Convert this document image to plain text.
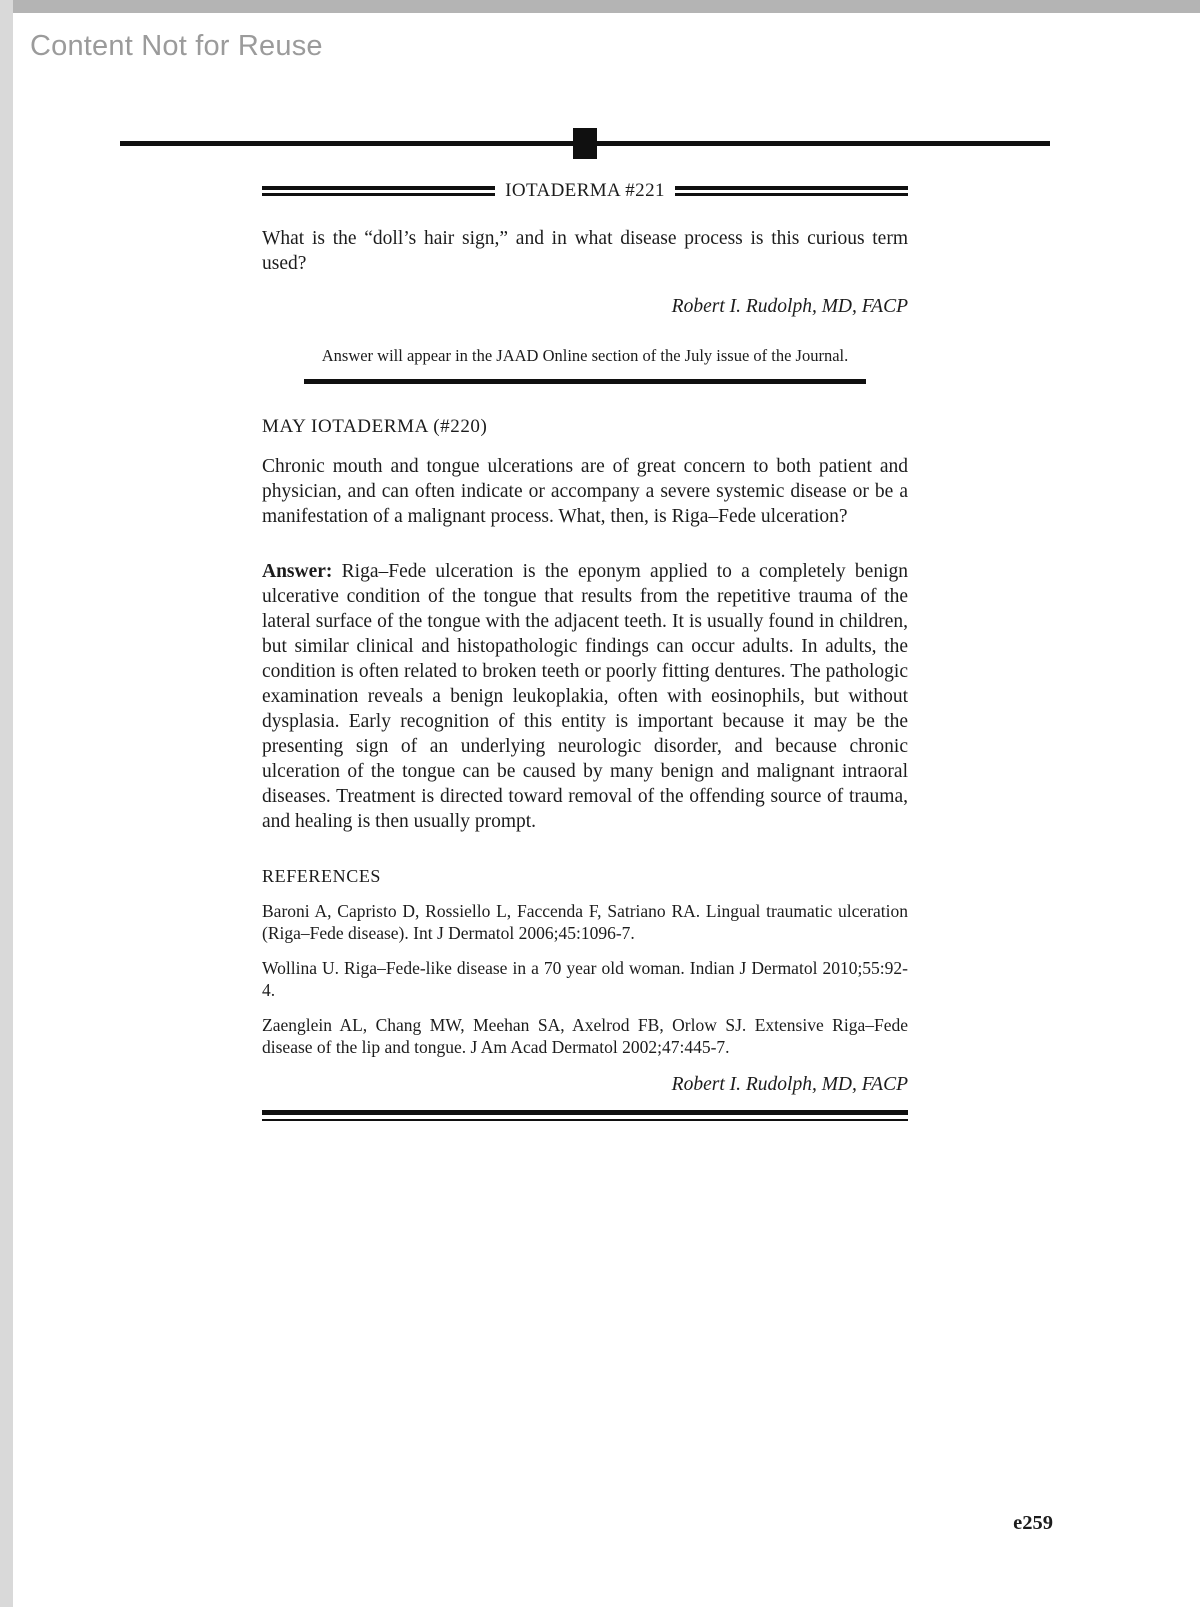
Content Not for Reuse
IOTADERMA #221

What is the “doll’s hair sign,” and in what disease process is this curious term used?

Robert I. Rudolph, MD, FACP
Answer will appear in the JAAD Online section of the July issue of the Journal.
MAY IOTADERMA (#220)

Chronic mouth and tongue ulcerations are of great concern to both patient and physician, and can often indicate or accompany a severe systemic disease or be a manifestation of a malignant process. What, then, is Riga–Fede ulceration?

Answer: Riga–Fede ulceration is the eponym applied to a completely benign ulcerative condition of the tongue that results from the repetitive trauma of the lateral surface of the tongue with the adjacent teeth. It is usually found in children, but similar clinical and histopathologic findings can occur adults. In adults, the condition is often related to broken teeth or poorly fitting dentures. The pathologic examination reveals a benign leukoplakia, often with eosinophils, but without dysplasia. Early recognition of this entity is important because it may be the presenting sign of an underlying neurologic disorder, and because chronic ulceration of the tongue can be caused by many benign and malignant intraoral diseases. Treatment is directed toward removal of the offending source of trauma, and healing is then usually prompt.

REFERENCES

Baroni A, Capristo D, Rossiello L, Faccenda F, Satriano RA. Lingual traumatic ulceration (Riga–Fede disease). Int J Dermatol 2006;45:1096-7.

Wollina U. Riga–Fede-like disease in a 70 year old woman. Indian J Dermatol 2010;55:92-4.

Zaenglein AL, Chang MW, Meehan SA, Axelrod FB, Orlow SJ. Extensive Riga–Fede disease of the lip and tongue. J Am Acad Dermatol 2002;47:445-7.

Robert I. Rudolph, MD, FACP
e259
